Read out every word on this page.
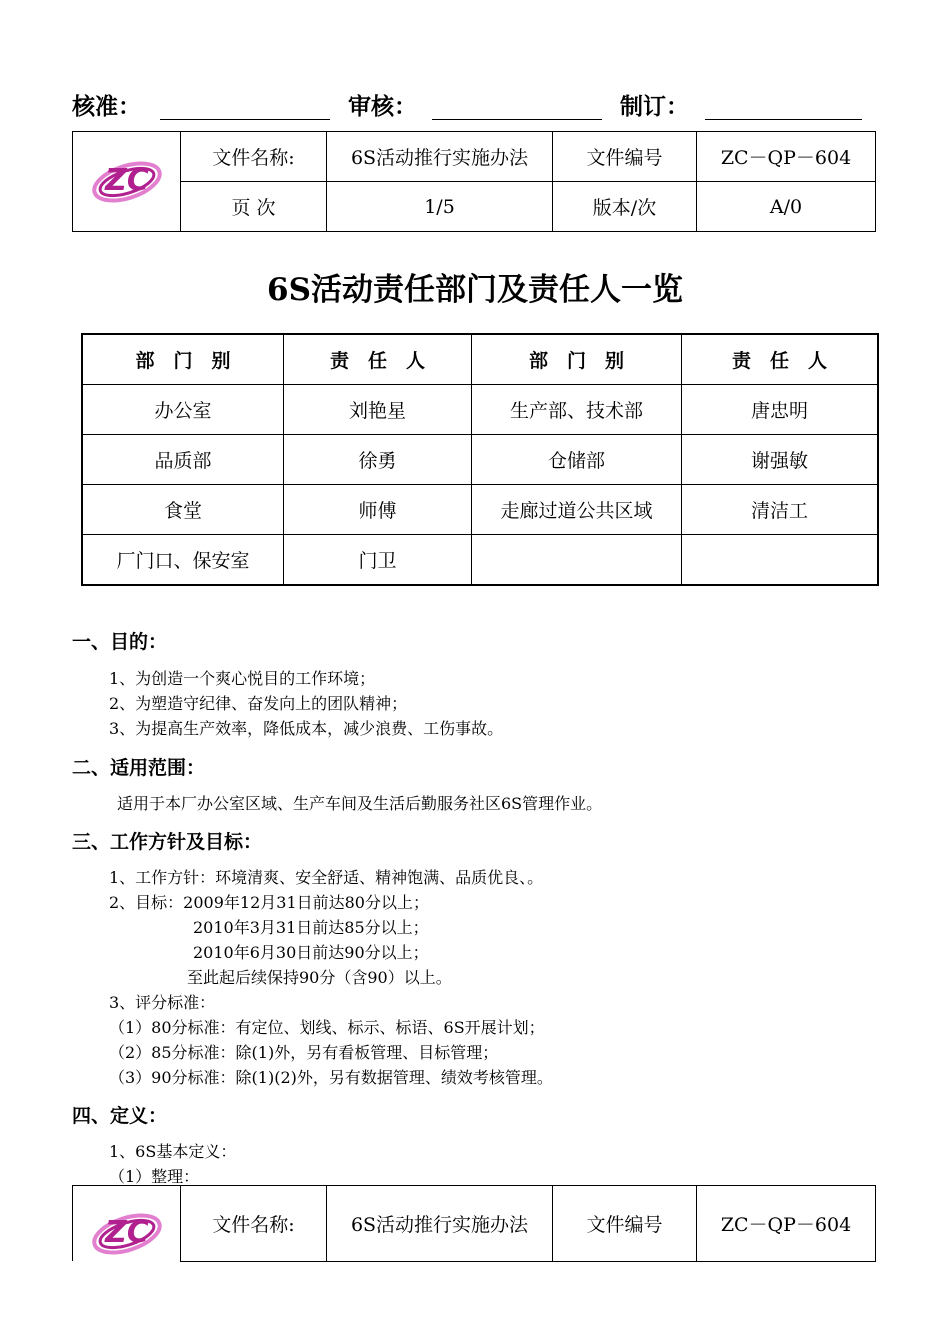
核准：	审核：	制订：
ZC	文件名称:	6S活动推行实施办法	文件编号	ZC－QP－604
	页 次	1/5	版本/次	A/0
6S活动责任部门及责任人一览
部　门　别	责　任　人	部　门　别	责　任　人
办公室	刘艳星	生产部、技术部	唐忠明
品质部	徐勇	仓储部	谢强敏
食堂	师傅	走廊过道公共区域	清洁工
厂门口、保安室	门卫		
一、目的：
1、为创造一个爽心悦目的工作环境；
2、为塑造守纪律、奋发向上的团队精神；
3、为提高生产效率，降低成本，减少浪费、工伤事故。
二、适用范围：
适用于本厂办公室区域、生产车间及生活后勤服务社区6S管理作业。
三、工作方针及目标：
1、工作方针：环境清爽、安全舒适、精神饱满、品质优良、。
2、目标：2009年12月31日前达80分以上；
2010年3月31日前达85分以上；
2010年6月30日前达90分以上；
至此起后续保持90分（含90）以上。
3、评分标准：
（1）80分标准：有定位、划线、标示、标语、6S开展计划；
（2）85分标准：除(1)外，另有看板管理、目标管理；
（3）90分标准：除(1)(2)外，另有数据管理、绩效考核管理。
四、定义：
1、6S基本定义：
（1）整理：
ZC	文件名称:	6S活动推行实施办法	文件编号	ZC－QP－604
